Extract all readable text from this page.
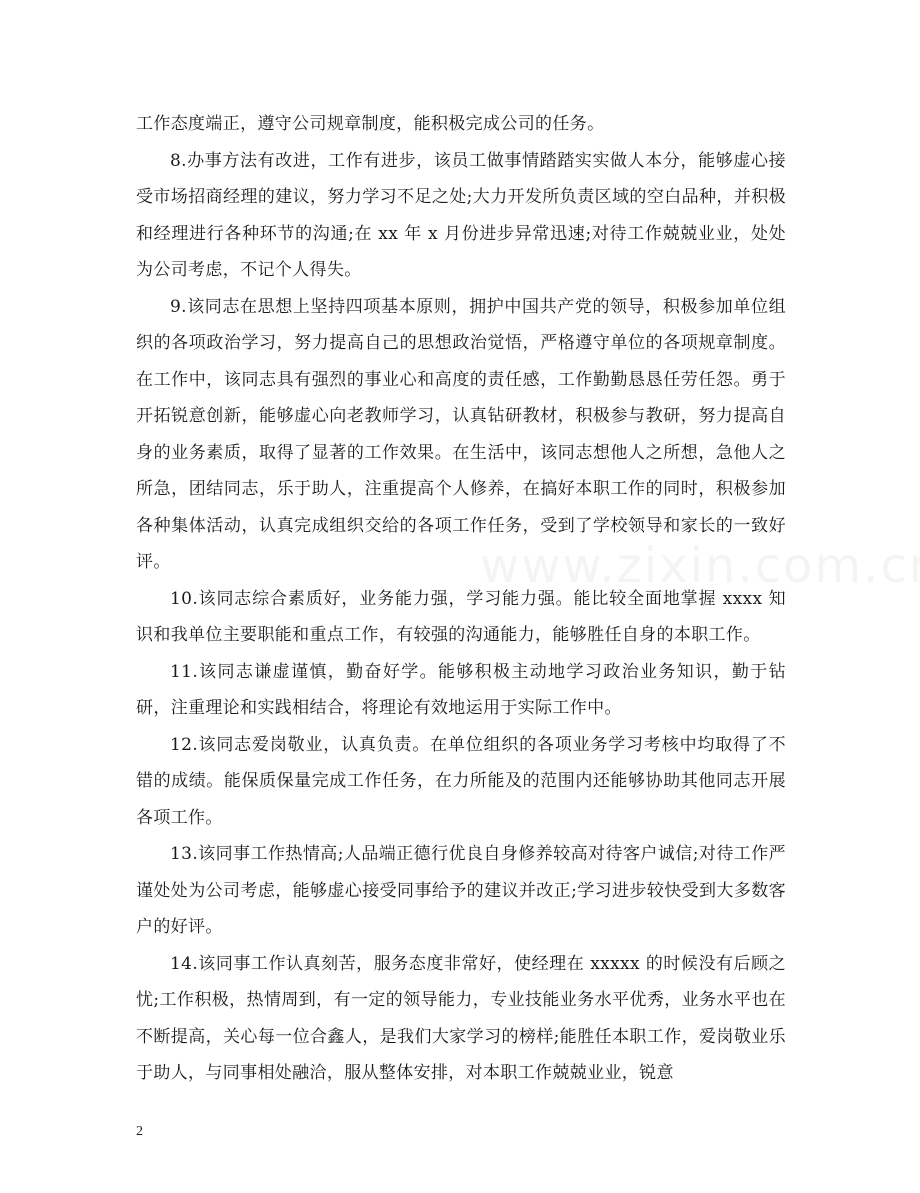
工作态度端正，遵守公司规章制度，能积极完成公司的任务。

8.办事方法有改进，工作有进步，该员工做事情踏踏实实做人本分，能够虚心接受市场招商经理的建议，努力学习不足之处;大力开发所负责区域的空白品种，并积极和经理进行各种环节的沟通;在 xx 年 x 月份进步异常迅速;对待工作兢兢业业，处处为公司考虑，不记个人得失。

9.该同志在思想上坚持四项基本原则，拥护中国共产党的领导，积极参加单位组织的各项政治学习，努力提高自己的思想政治觉悟，严格遵守单位的各项规章制度。在工作中，该同志具有强烈的事业心和高度的责任感，工作勤勤恳恳任劳任怨。勇于开拓锐意创新，能够虚心向老教师学习，认真钻研教材，积极参与教研，努力提高自身的业务素质，取得了显著的工作效果。在生活中，该同志想他人之所想，急他人之所急，团结同志，乐于助人，注重提高个人修养，在搞好本职工作的同时，积极参加各种集体活动，认真完成组织交给的各项工作任务，受到了学校领导和家长的一致好评。

10.该同志综合素质好，业务能力强，学习能力强。能比较全面地掌握 xxxx 知识和我单位主要职能和重点工作，有较强的沟通能力，能够胜任自身的本职工作。

11.该同志谦虚谨慎，勤奋好学。能够积极主动地学习政治业务知识，勤于钻研，注重理论和实践相结合，将理论有效地运用于实际工作中。

12.该同志爱岗敬业，认真负责。在单位组织的各项业务学习考核中均取得了不错的成绩。能保质保量完成工作任务，在力所能及的范围内还能够协助其他同志开展各项工作。

13.该同事工作热情高;人品端正德行优良自身修养较高对待客户诚信;对待工作严谨处处为公司考虑，能够虚心接受同事给予的建议并改正;学习进步较快受到大多数客户的好评。

14.该同事工作认真刻苦，服务态度非常好，使经理在 xxxxx 的时候没有后顾之忧;工作积极，热情周到，有一定的领导能力，专业技能业务水平优秀，业务水平也在不断提高，关心每一位合鑫人，是我们大家学习的榜样;能胜任本职工作，爱岗敬业乐于助人，与同事相处融洽，服从整体安排，对本职工作兢兢业业，锐意

2
